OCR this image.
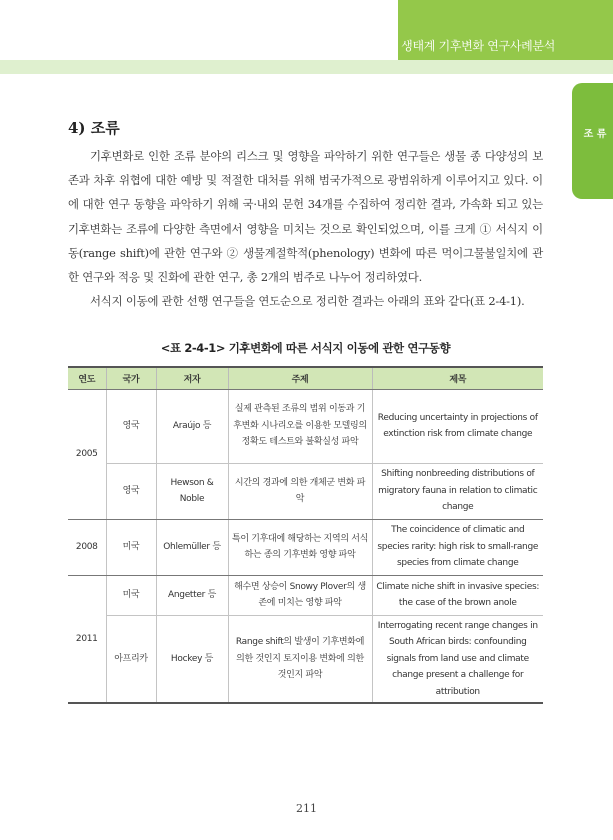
생태계 기후변화 연구사례분석
조 류
4) 조류

기후변화로 인한 조류 분야의 리스크 및 영향을 파악하기 위한 연구들은 생물 종 다양성의 보존과 차후 위협에 대한 예방 및 적절한 대처를 위해 범국가적으로 광범위하게 이루어지고 있다. 이에 대한 연구 동향을 파악하기 위해 국·내외 문헌 34개를 수집하여 정리한 결과, 가속화 되고 있는 기후변화는 조류에 다양한 측면에서 영향을 미치는 것으로 확인되었으며, 이를 크게 ① 서식지 이동(range shift)에 관한 연구와 ② 생물계절학적(phenology) 변화에 따른 먹이그물불일치에 관한 연구와 적응 및 진화에 관한 연구, 총 2개의 범주로 나누어 정리하였다.

서식지 이동에 관한 선행 연구들을 연도순으로 정리한 결과는 아래의 표와 같다(표 2-4-1).

<표 2-4-1> 기후변화에 따른 서식지 이동에 관한 연구동향
연도	국가	저자	주제	제목
2005	영국	Araújo 등	실제 관측된 조류의 범위 이동과 기후변화 시나리오를 이용한 모델링의 정확도 테스트와 불확실성 파악	Reducing uncertainty in projections of extinction risk from climate change
	영국	Hewson & Noble	시간의 경과에 의한 개체군 변화 파악	Shifting nonbreeding distributions of migratory fauna in relation to climatic change
2008	미국	Ohlemüller 등	특이 기후대에 해당하는 지역의 서식하는 종의 기후변화 영향 파악	The coincidence of climatic and species rarity: high risk to small-range species from climate change
2011	미국	Angetter 등	해수면 상승이 Snowy Plover의 생존에 미치는 영향 파악	Climate niche shift in invasive species: the case of the brown anole
	아프리카	Hockey 등	Range shift의 발생이 기후변화에 의한 것인지 토지이용 변화에 의한 것인지 파악	Interrogating recent range changes in South African birds: confounding signals from land use and climate change present a challenge for attribution
211
